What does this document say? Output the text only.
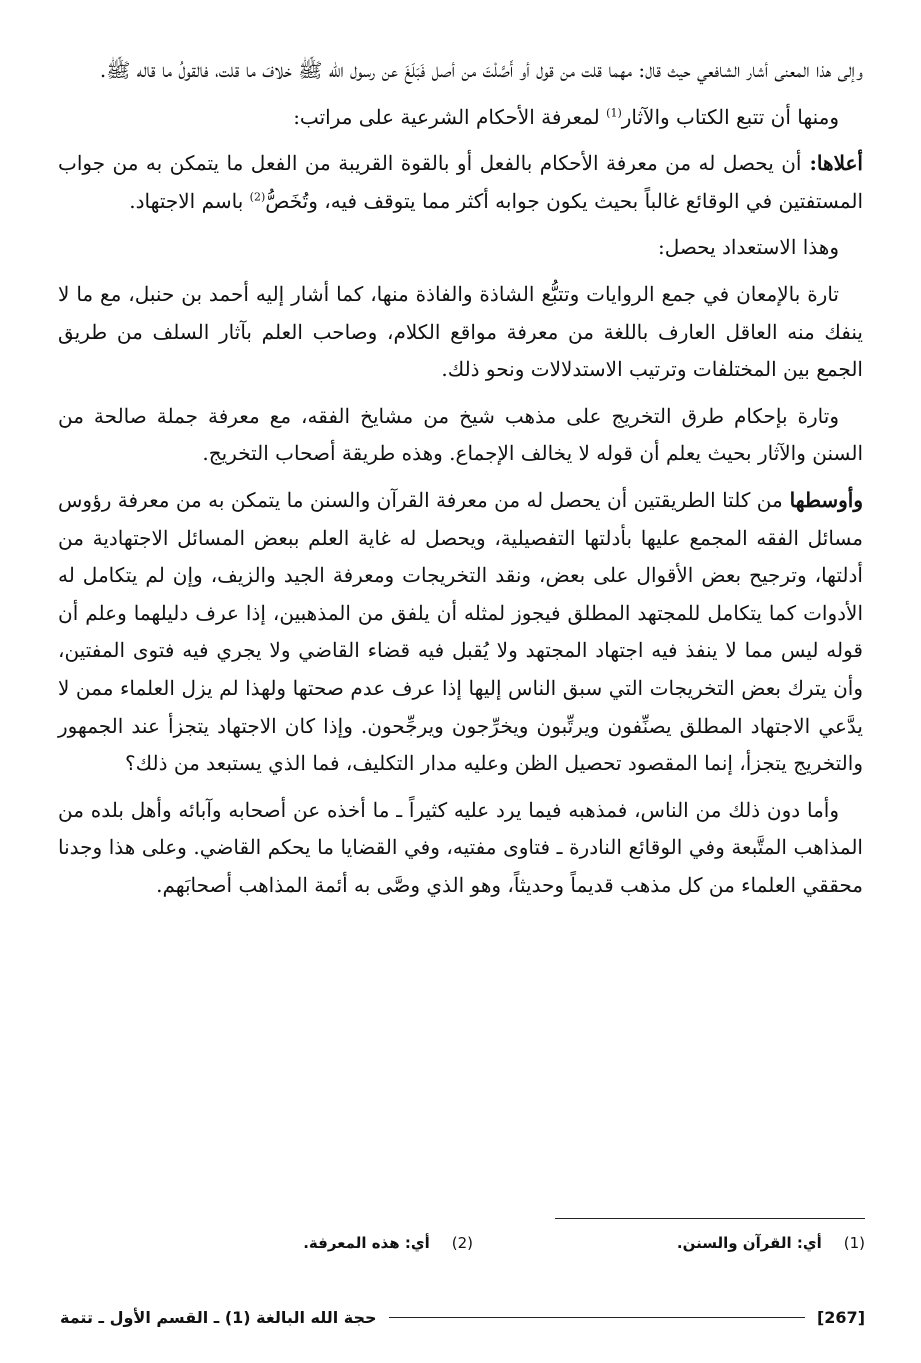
وإلى هذا المعنى أشار الشافعي حيث قال: مهما قلت من قول أو أَصَّلْتَ من أصل فَبَلَغَ عن رسول الله ﷺ خلافَ ما قلت، فالقولُ ما قاله ﷺ.

ومنها أن تتبع الكتاب والآثار$^{(1)}$ لمعرفة الأحكام الشرعية على مراتب:

أعلاها: أن يحصل له من معرفة الأحكام بالفعل أو بالقوة القريبة من الفعل ما يتمكن به من جواب المستفتين في الوقائع غالباً بحيث يكون جوابه أكثر مما يتوقف فيه، وتُخَصُّ$^{(2)}$ باسم الاجتهاد.

وهذا الاستعداد يحصل:

تارة بالإمعان في جمع الروايات وتتبُّع الشاذة والفاذة منها، كما أشار إليه أحمد بن حنبل، مع ما لا ينفك منه العاقل العارف باللغة من معرفة مواقع الكلام، وصاحب العلم بآثار السلف من طريق الجمع بين المختلفات وترتيب الاستدلالات ونحو ذلك.

وتارة بإحكام طرق التخريج على مذهب شيخ من مشايخ الفقه، مع معرفة جملة صالحة من السنن والآثار بحيث يعلم أن قوله لا يخالف الإجماع. وهذه طريقة أصحاب التخريج.

وأوسطها من كلتا الطريقتين أن يحصل له من معرفة القرآن والسنن ما يتمكن به من معرفة رؤوس مسائل الفقه المجمع عليها بأدلتها التفصيلية، ويحصل له غاية العلم ببعض المسائل الاجتهادية من أدلتها، وترجيح بعض الأقوال على بعض، ونقد التخريجات ومعرفة الجيد والزيف، وإن لم يتكامل له الأدوات كما يتكامل للمجتهد المطلق فيجوز لمثله أن يلفق من المذهبين، إذا عرف دليلهما وعلم أن قوله ليس مما لا ينفذ فيه اجتهاد المجتهد ولا يُقبل فيه قضاء القاضي ولا يجري فيه فتوى المفتين، وأن يترك بعض التخريجات التي سبق الناس إليها إذا عرف عدم صحتها ولهذا لم يزل العلماء ممن لا يدَّعي الاجتهاد المطلق يصنِّفون ويرتِّبون ويخرِّجون ويرجِّحون. وإذا كان الاجتهاد يتجزأ عند الجمهور والتخريج يتجزأ، إنما المقصود تحصيل الظن وعليه مدار التكليف، فما الذي يستبعد من ذلك؟

وأما دون ذلك من الناس، فمذهبه فيما يرد عليه كثيراً ـ ما أخذه عن أصحابه وآبائه وأهل بلده من المذاهب المتَّبعة وفي الوقائع النادرة ـ فتاوى مفتيه، وفي القضايا ما يحكم القاضي. وعلى هذا وجدنا محققي العلماء من كل مذهب قديماً وحديثاً، وهو الذي وصَّى به أئمة المذاهب أصحابَهم.

(1)أي: القرآن والسنن.
(2)أي: هذه المعرفة.
[267]
حجة الله البالغة (1) ـ القسم الأول ـ تتمة
